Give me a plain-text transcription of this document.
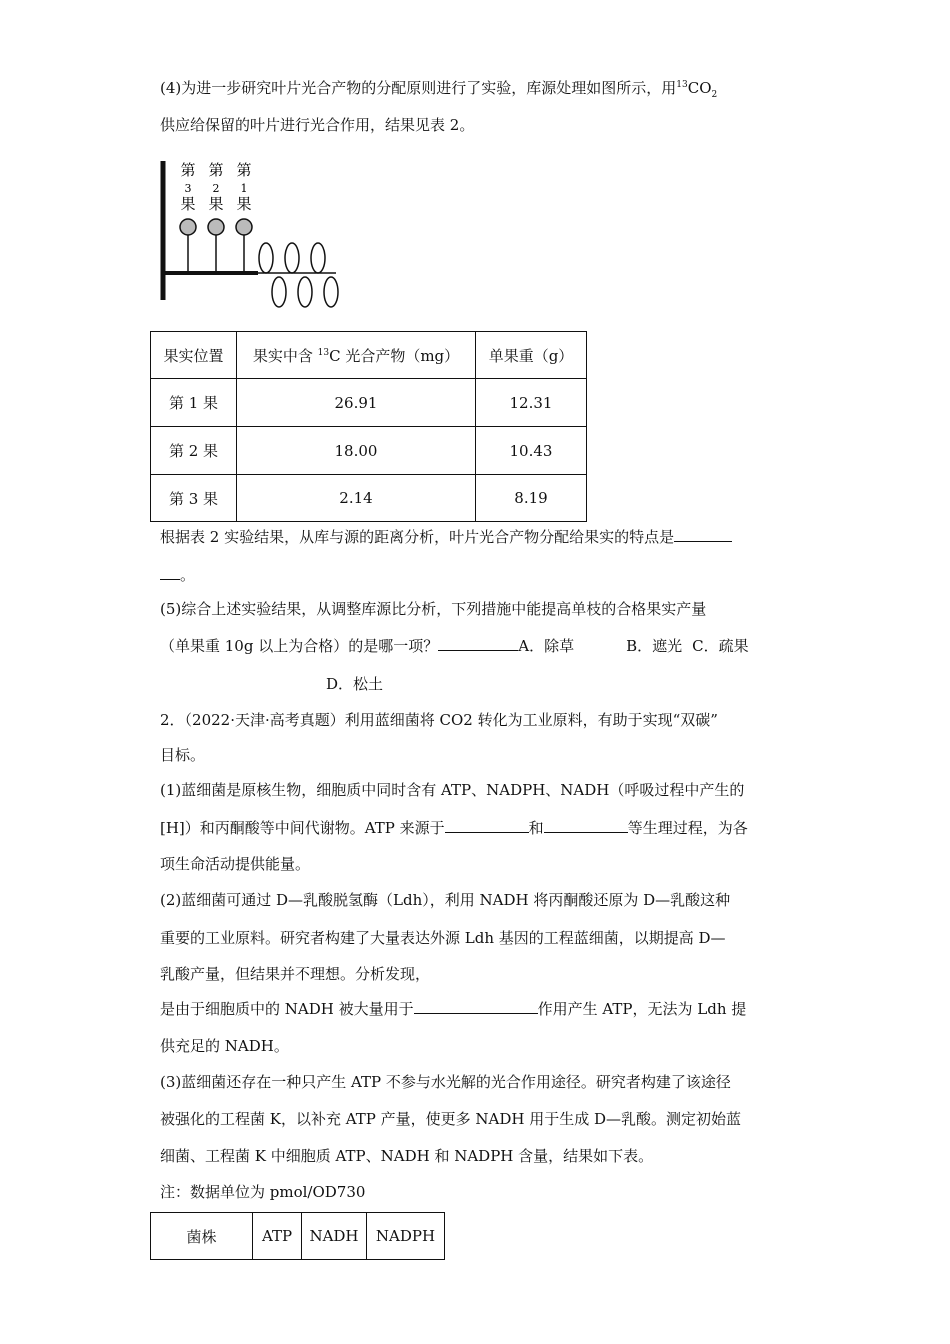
(4)为进一步研究叶片光合产物的分配原则进行了实验，库源处理如图所示，用$^{13}CO_2$
供应给保留的叶片进行光合作用，结果见表 2。
第
3
果
第
2
果
第
1
果
果实位置	果实中含 $^{13}$C 光合产物（mg）	单果重（g）
第 1 果	26.91	12.31
第 2 果	18.00	10.43
第 3 果	2.14	8.19
根据表 2 实验结果，从库与源的距离分析，叶片光合产物分配给果实的特点是
。
(5)综合上述实验结果，从调整库源比分析，下列措施中能提高单枝的合格果实产量
（单果重 10g 以上为合格）的是哪一项？	A．除草	B．遮光 C．疏果
D．松土
2．（2022·天津·高考真题）利用蓝细菌将 CO2 转化为工业原料，有助于实现“双碳”
目标。
(1)蓝细菌是原核生物，细胞质中同时含有 ATP、NADPH、NADH（呼吸过程中产生的
[H]）和丙酮酸等中间代谢物。ATP 来源于	和	等生理过程，为各
项生命活动提供能量。
(2)蓝细菌可通过 D—乳酸脱氢酶（Ldh），利用 NADH 将丙酮酸还原为 D—乳酸这种
重要的工业原料。研究者构建了大量表达外源 Ldh 基因的工程蓝细菌，以期提高 D—
乳酸产量，但结果并不理想。分析发现，
是由于细胞质中的 NADH 被大量用于	作用产生 ATP，无法为 Ldh 提
供充足的 NADH。
(3)蓝细菌还存在一种只产生 ATP 不参与水光解的光合作用途径。研究者构建了该途径
被强化的工程菌 K，以补充 ATP 产量，使更多 NADH 用于生成 D—乳酸。测定初始蓝
细菌、工程菌 K 中细胞质 ATP、NADH 和 NADPH 含量，结果如下表。
注：数据单位为 pmol/OD730
菌株	ATP	NADH	NADPH
